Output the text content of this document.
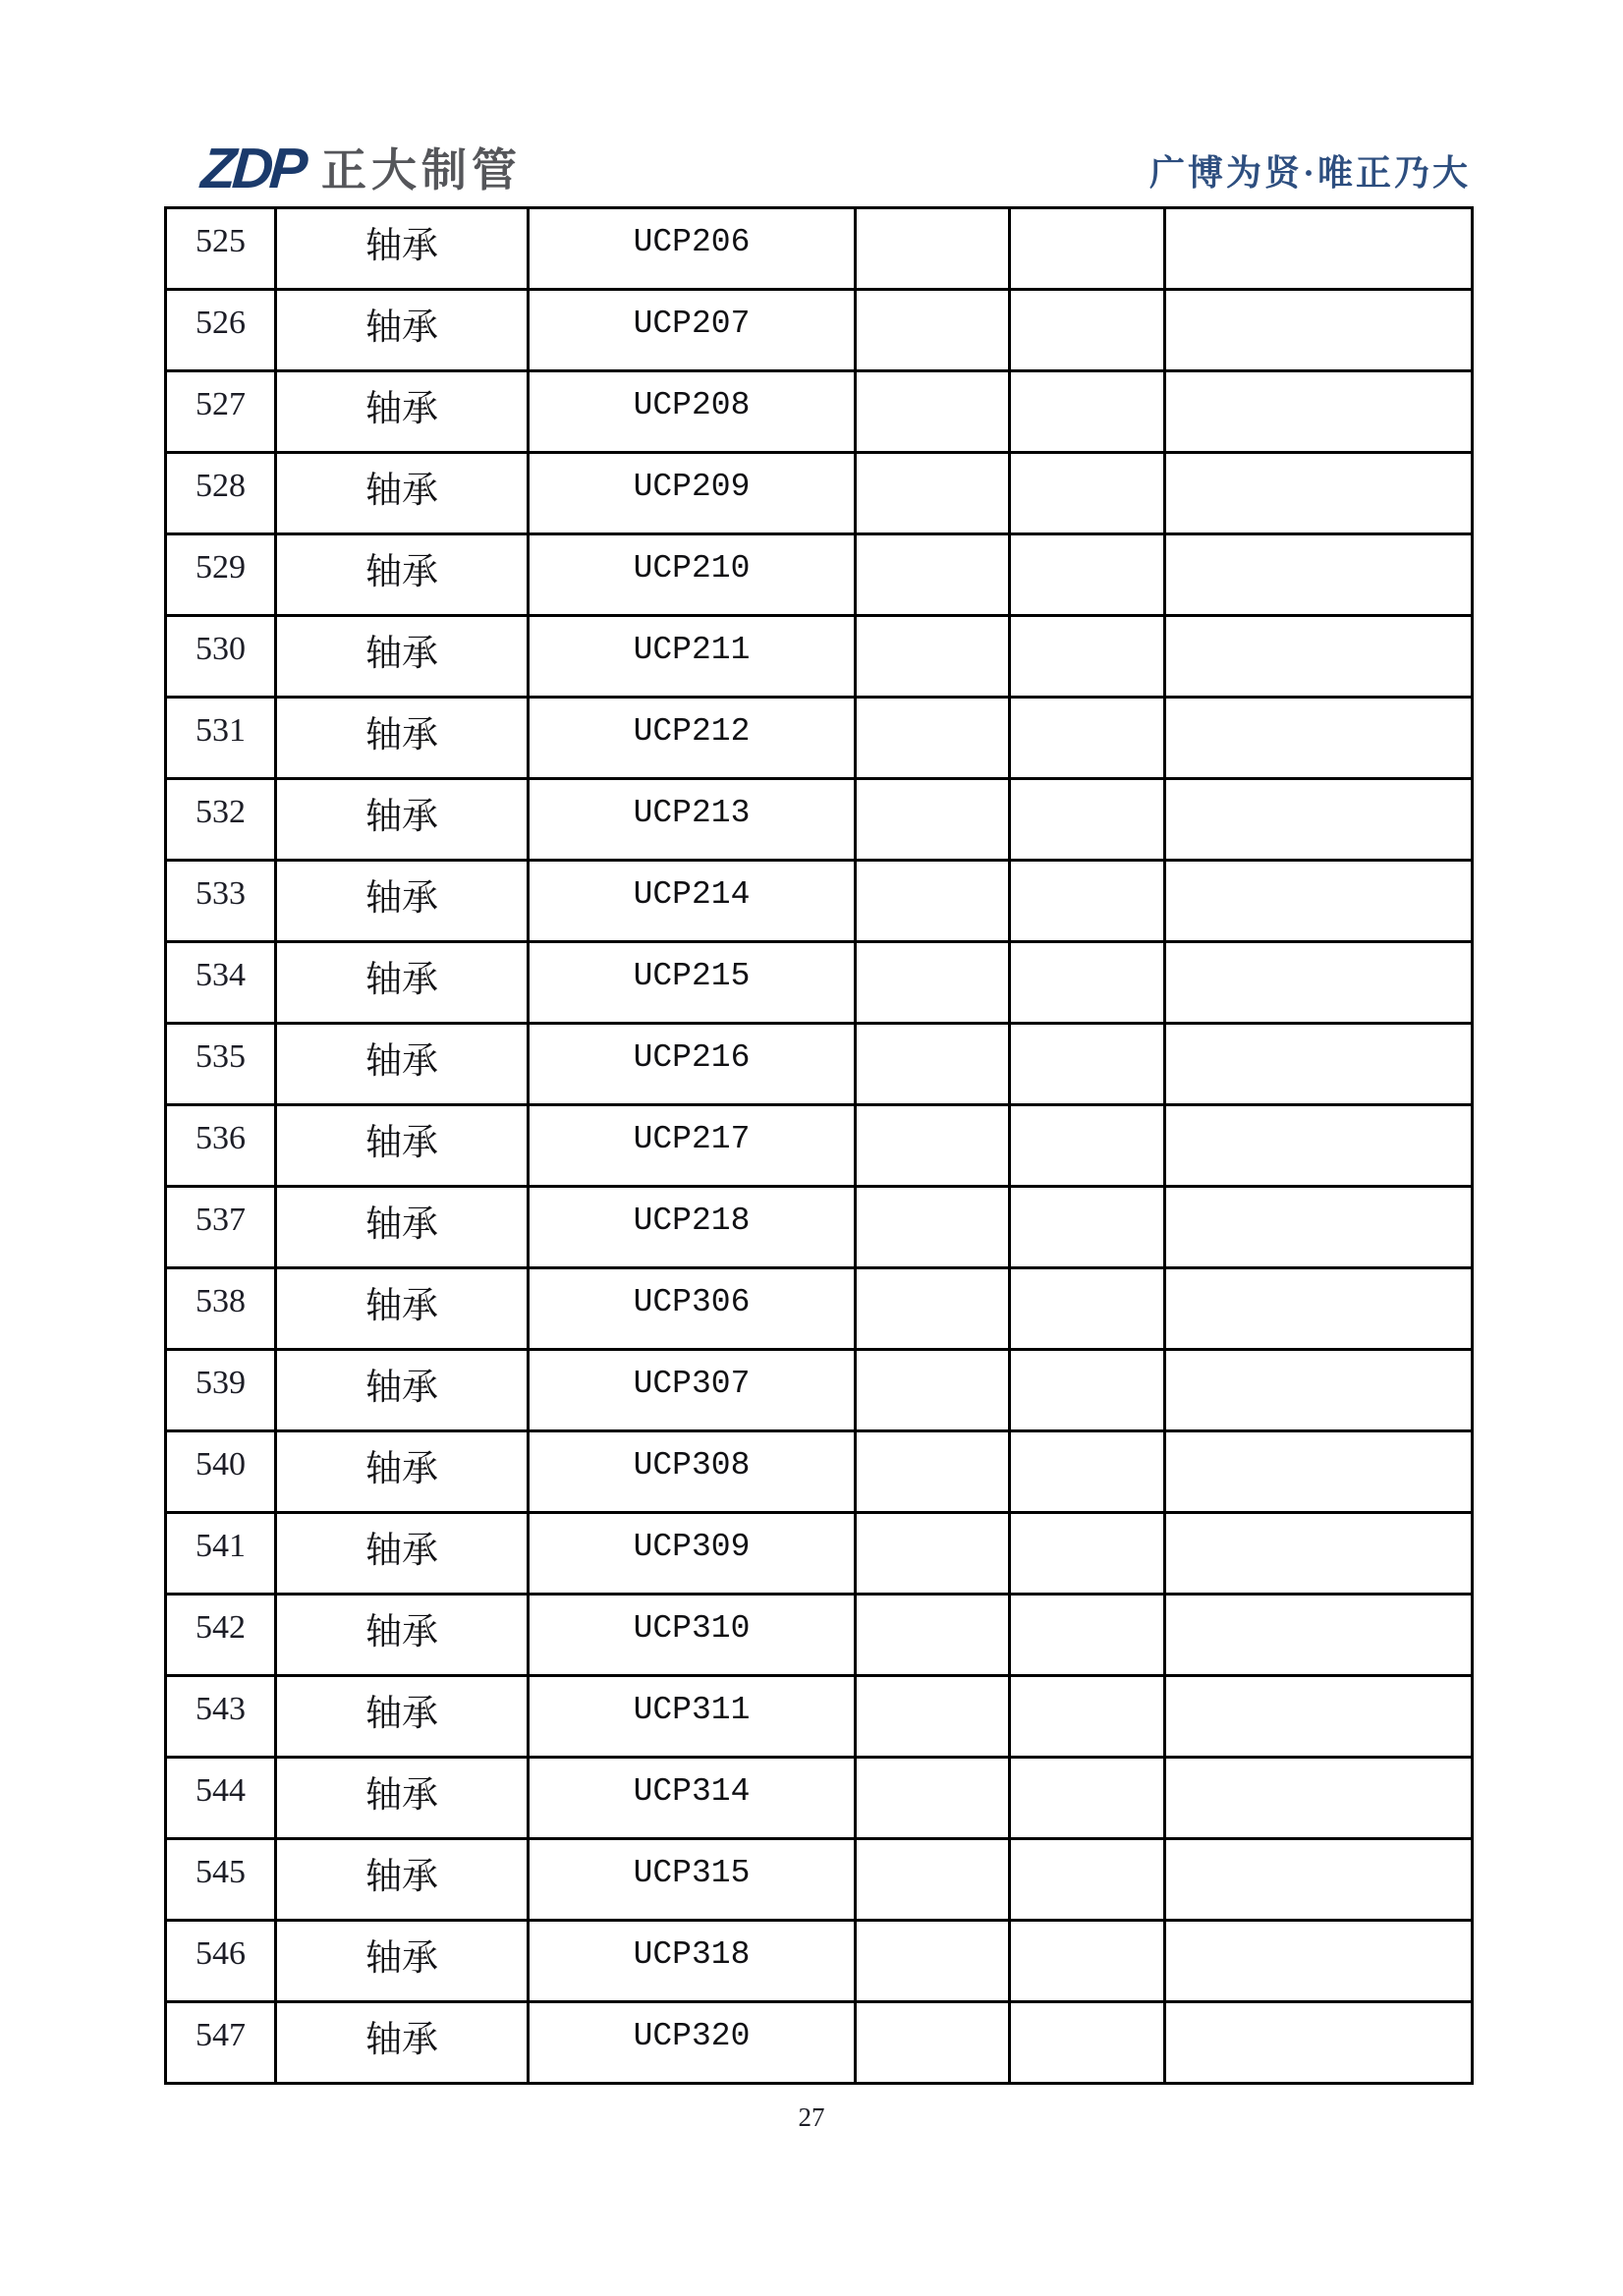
ZDP 正大制管	广博为贤·唯正乃大
525	轴承	UCP206			
526	轴承	UCP207			
527	轴承	UCP208			
528	轴承	UCP209			
529	轴承	UCP210			
530	轴承	UCP211			
531	轴承	UCP212			
532	轴承	UCP213			
533	轴承	UCP214			
534	轴承	UCP215			
535	轴承	UCP216			
536	轴承	UCP217			
537	轴承	UCP218			
538	轴承	UCP306			
539	轴承	UCP307			
540	轴承	UCP308			
541	轴承	UCP309			
542	轴承	UCP310			
543	轴承	UCP311			
544	轴承	UCP314			
545	轴承	UCP315			
546	轴承	UCP318			
547	轴承	UCP320			
27
